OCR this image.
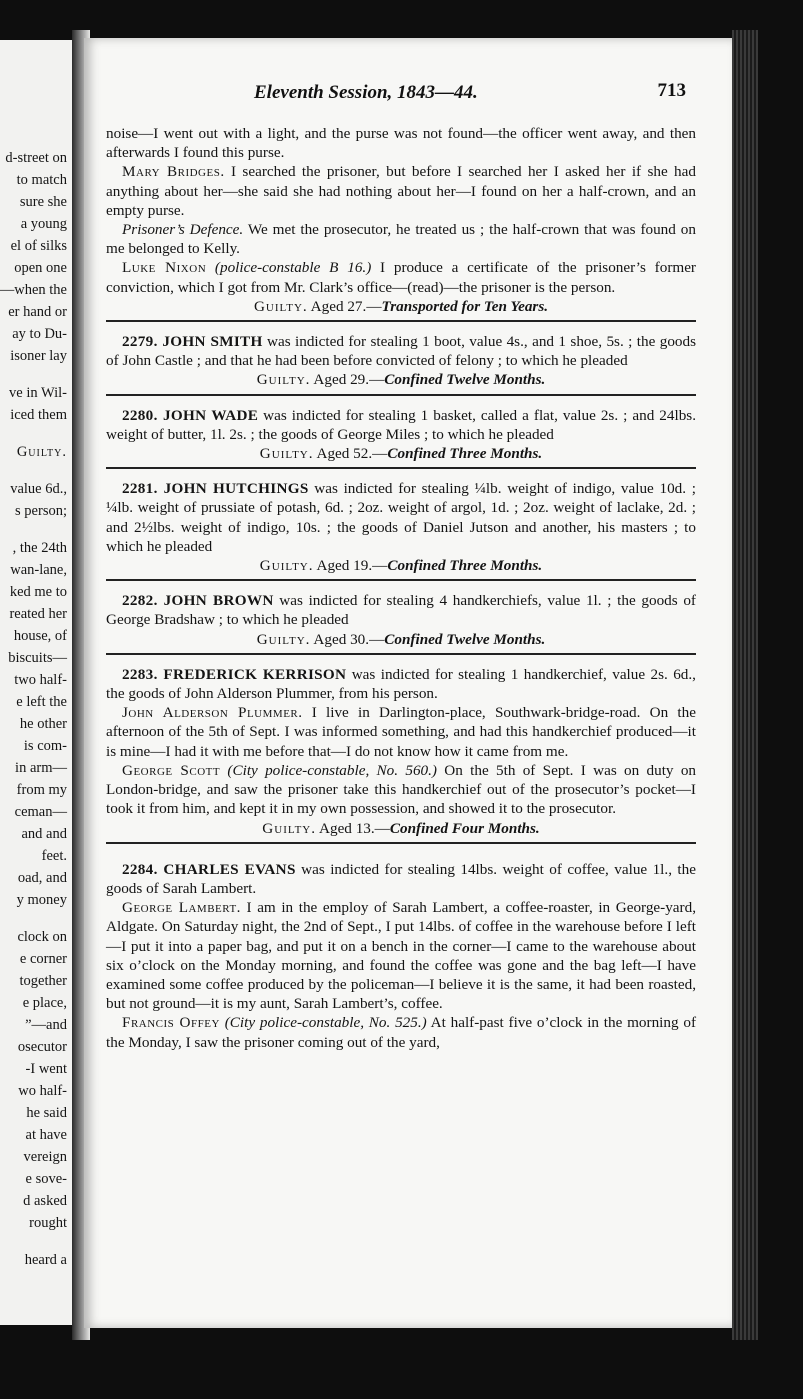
d-street on
to match
sure she
a young
el of silks
open one
—when the
er hand or
ay to Du-
isoner lay
ve in Wil-
iced them
Guilty.
value 6d.,
s person;
, the 24th
wan-lane,
ked me to
reated her
house, of
biscuits—
two half-
e left the
he other
is com-
in arm—
from my
ceman—
and and
feet.
oad, and
y money
clock on
e corner
together
e place,
”—and
osecutor
-I went
wo half-
he said
at have
vereign
e sove-
d asked
rought
heard a
Eleventh Session, 1843—44.	713

noise—I went out with a light, and the purse was not found—the officer went away, and then afterwards I found this purse.

Mary Bridges. I searched the prisoner, but before I searched her I asked her if she had anything about her—she said she had nothing about her—I found on her a half-crown, and an empty purse.

Prisoner’s Defence. We met the prosecutor, he treated us ; the half-crown that was found on me belonged to Kelly.

Luke Nixon (police-constable B 16.) I produce a certificate of the prisoner’s former conviction, which I got from Mr. Clark’s office—(read)—the prisoner is the person.

Guilty. Aged 27.—Transported for Ten Years.

2279. JOHN SMITH was indicted for stealing 1 boot, value 4s., and 1 shoe, 5s. ; the goods of John Castle ; and that he had been before convicted of felony ; to which he pleaded

Guilty. Aged 29.—Confined Twelve Months.

2280. JOHN WADE was indicted for stealing 1 basket, called a flat, value 2s. ; and 24lbs. weight of butter, 1l. 2s. ; the goods of George Miles ; to which he pleaded

Guilty. Aged 52.—Confined Three Months.

2281. JOHN HUTCHINGS was indicted for stealing ¼lb. weight of indigo, value 10d. ; ¼lb. weight of prussiate of potash, 6d. ; 2oz. weight of argol, 1d. ; 2oz. weight of laclake, 2d. ; and 2½lbs. weight of indigo, 10s. ; the goods of Daniel Jutson and another, his masters ; to which he pleaded

Guilty. Aged 19.—Confined Three Months.

2282. JOHN BROWN was indicted for stealing 4 handkerchiefs, value 1l. ; the goods of George Bradshaw ; to which he pleaded

Guilty. Aged 30.—Confined Twelve Months.

2283. FREDERICK KERRISON was indicted for stealing 1 handkerchief, value 2s. 6d., the goods of John Alderson Plummer, from his person.

John Alderson Plummer. I live in Darlington-place, Southwark-bridge-road. On the afternoon of the 5th of Sept. I was informed something, and had this handkerchief produced—it is mine—I had it with me before that—I do not know how it came from me.

George Scott (City police-constable, No. 560.) On the 5th of Sept. I was on duty on London-bridge, and saw the prisoner take this handkerchief out of the prosecutor’s pocket—I took it from him, and kept it in my own possession, and showed it to the prosecutor.

Guilty. Aged 13.—Confined Four Months.

2284. CHARLES EVANS was indicted for stealing 14lbs. weight of coffee, value 1l., the goods of Sarah Lambert.

George Lambert. I am in the employ of Sarah Lambert, a coffee-roaster, in George-yard, Aldgate. On Saturday night, the 2nd of Sept., I put 14lbs. of coffee in the warehouse before I left—I put it into a paper bag, and put it on a bench in the corner—I came to the warehouse about six o’clock on the Monday morning, and found the coffee was gone and the bag left—I have examined some coffee produced by the policeman—I believe it is the same, it had been roasted, but not ground—it is my aunt, Sarah Lambert’s, coffee.

Francis Offey (City police-constable, No. 525.) At half-past five o’clock in the morning of the Monday, I saw the prisoner coming out of the yard,
